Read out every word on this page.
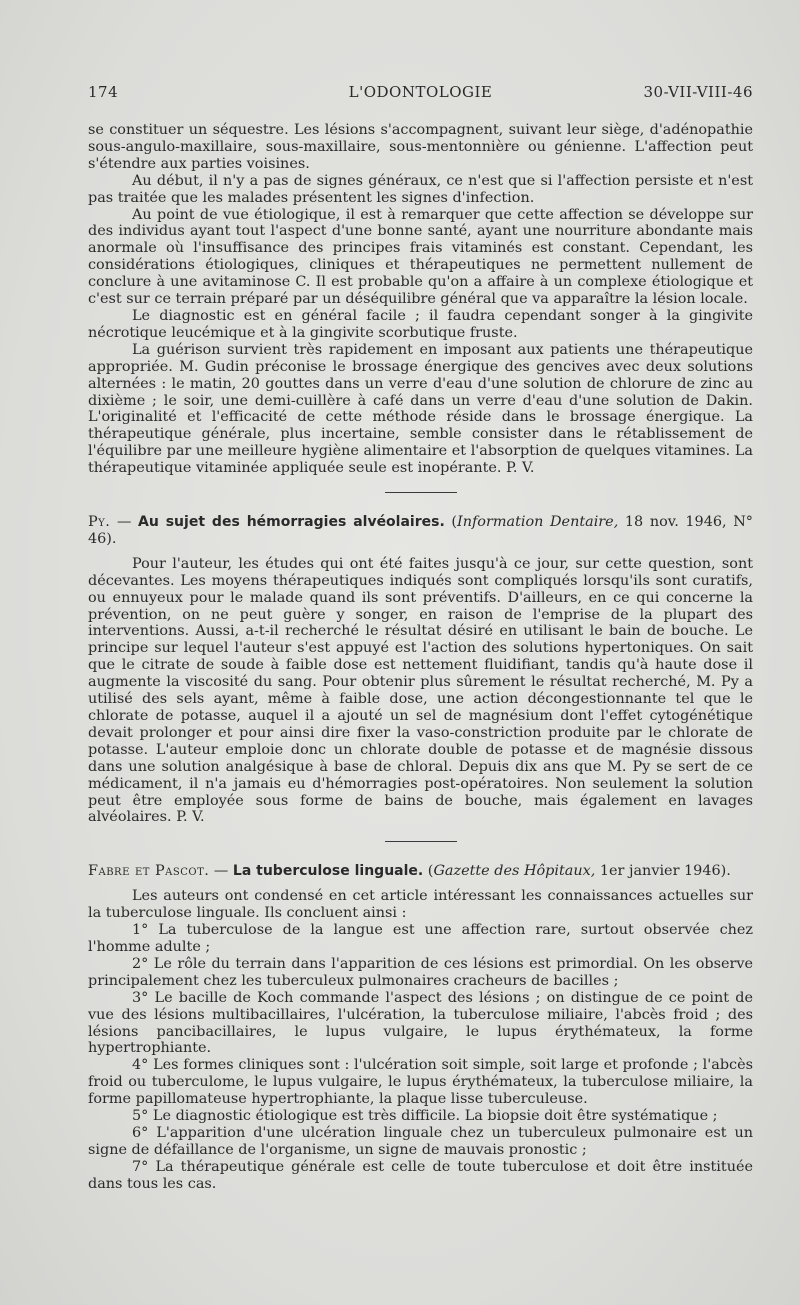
174	L'ODONTOLOGIE	30-VII-VIII-46

se constituer un séquestre. Les lésions s'accompagnent, suivant leur siège, d'adénopathie sous-angulo-maxillaire, sous-maxillaire, sous-mentonnière ou génienne. L'affection peut s'étendre aux parties voisines.

Au début, il n'y a pas de signes généraux, ce n'est que si l'affection persiste et n'est pas traitée que les malades présentent les signes d'infection.

Au point de vue étiologique, il est à remarquer que cette affection se développe sur des individus ayant tout l'aspect d'une bonne santé, ayant une nourriture abondante mais anormale où l'insuffisance des principes frais vitaminés est constant. Cependant, les considérations étiologiques, cliniques et thérapeutiques ne permettent nullement de conclure à une avitaminose C. Il est probable qu'on a affaire à un complexe étiologique et c'est sur ce terrain préparé par un déséquilibre général que va apparaître la lésion locale.

Le diagnostic est en général facile ; il faudra cependant songer à la gingivite nécrotique leucémique et à la gingivite scorbutique fruste.

La guérison survient très rapidement en imposant aux patients une thérapeutique appropriée. M. Gudin préconise le brossage énergique des gencives avec deux solutions alternées : le matin, 20 gouttes dans un verre d'eau d'une solution de chlorure de zinc au dixième ; le soir, une demi-cuillère à café dans un verre d'eau d'une solution de Dakin. L'originalité et l'efficacité de cette méthode réside dans le brossage énergique. La thérapeutique générale, plus incertaine, semble consister dans le rétablissement de l'équilibre par une meilleure hygiène alimentaire et l'absorption de quelques vitamines. La thérapeutique vitaminée appliquée seule est inopérante. P. V.

Py. — Au sujet des hémorragies alvéolaires. (Information Dentaire, 18 nov. 1946, N° 46).

Pour l'auteur, les études qui ont été faites jusqu'à ce jour, sur cette question, sont décevantes. Les moyens thérapeutiques indiqués sont compliqués lorsqu'ils sont curatifs, ou ennuyeux pour le malade quand ils sont préventifs. D'ailleurs, en ce qui concerne la prévention, on ne peut guère y songer, en raison de l'emprise de la plupart des interventions. Aussi, a-t-il recherché le résultat désiré en utilisant le bain de bouche. Le principe sur lequel l'auteur s'est appuyé est l'action des solutions hypertoniques. On sait que le citrate de soude à faible dose est nettement fluidifiant, tandis qu'à haute dose il augmente la viscosité du sang. Pour obtenir plus sûrement le résultat recherché, M. Py a utilisé des sels ayant, même à faible dose, une action décongestionnante tel que le chlorate de potasse, auquel il a ajouté un sel de magnésium dont l'effet cytogénétique devait prolonger et pour ainsi dire fixer la vaso-constriction produite par le chlorate de potasse. L'auteur emploie donc un chlorate double de potasse et de magnésie dissous dans une solution analgésique à base de chloral. Depuis dix ans que M. Py se sert de ce médicament, il n'a jamais eu d'hémorragies post-opératoires. Non seulement la solution peut être employée sous forme de bains de bouche, mais également en lavages alvéolaires. P. V.

Fabre et Pascot. — La tuberculose linguale. (Gazette des Hôpitaux, 1er janvier 1946).

Les auteurs ont condensé en cet article intéressant les connaissances actuelles sur la tuberculose linguale. Ils concluent ainsi :

1° La tuberculose de la langue est une affection rare, surtout observée chez l'homme adulte ;

2° Le rôle du terrain dans l'apparition de ces lésions est primordial. On les observe principalement chez les tuberculeux pulmonaires cracheurs de bacilles ;

3° Le bacille de Koch commande l'aspect des lésions ; on distingue de ce point de vue des lésions multibacillaires, l'ulcération, la tuberculose miliaire, l'abcès froid ; des lésions pancibacillaires, le lupus vulgaire, le lupus érythémateux, la forme hypertrophiante.

4° Les formes cliniques sont : l'ulcération soit simple, soit large et profonde ; l'abcès froid ou tuberculome, le lupus vulgaire, le lupus érythémateux, la tuberculose miliaire, la forme papillomateuse hypertrophiante, la plaque lisse tuberculeuse.

5° Le diagnostic étiologique est très difficile. La biopsie doit être systématique ;

6° L'apparition d'une ulcération linguale chez un tuberculeux pulmonaire est un signe de défaillance de l'organisme, un signe de mauvais pronostic ;

7° La thérapeutique générale est celle de toute tuberculose et doit être instituée dans tous les cas.
